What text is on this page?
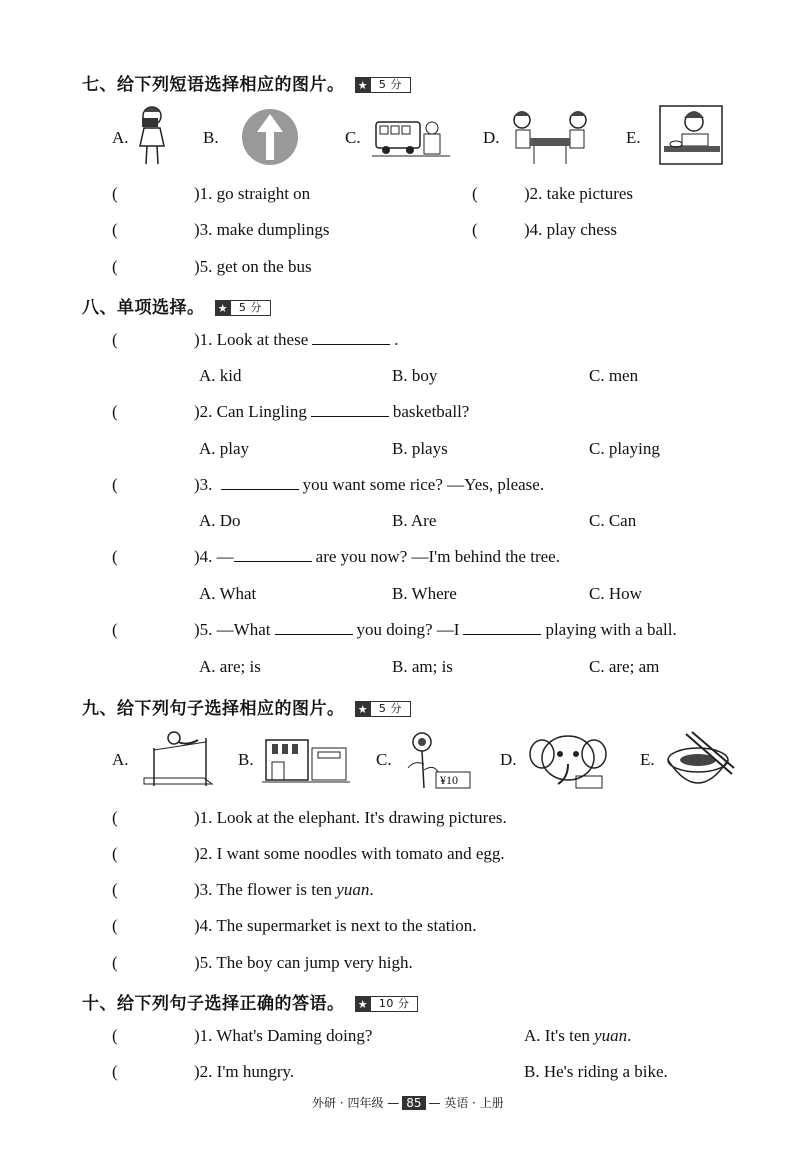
七、给下列短语选择相应的图片。 ★ 5 分
A.	B.	C.	D.	E.
(	)1. go straight on	(	)2. take pictures
(	)3. make dumplings	(	)4. play chess
(	)5. get on the bus
八、单项选择。 ★ 5 分
(	)1. Look at these	.
A. kid	B. boy	C. men
(	)2. Can Lingling	basketball?
A. play	B. plays	C. playing
(	)3.	you want some rice? —Yes, please.
A. Do	B. Are	C. Can
(	)4. —	are you now? —I'm behind the tree.
A. What	B. Where	C. How
(	)5. —What	you doing? —I	playing with a ball.
A. are; is	B. am; is	C. are; am
九、给下列句子选择相应的图片。 ★ 5 分
A.	B.	C.
¥10
D.	E.
(	)1. Look at the elephant. It's drawing pictures.
(	)2. I want some noodles with tomato and egg.
(	)3. The flower is ten yuan.
(	)4. The supermarket is next to the station.
(	)5. The boy can jump very high.
十、给下列句子选择正确的答语。 ★ 10 分
(	)1. What's Daming doing?	A. It's ten yuan.
(	)2. I'm hungry.	B. He's riding a bike.
外研 · 四年级 — 85 — 英语 · 上册
